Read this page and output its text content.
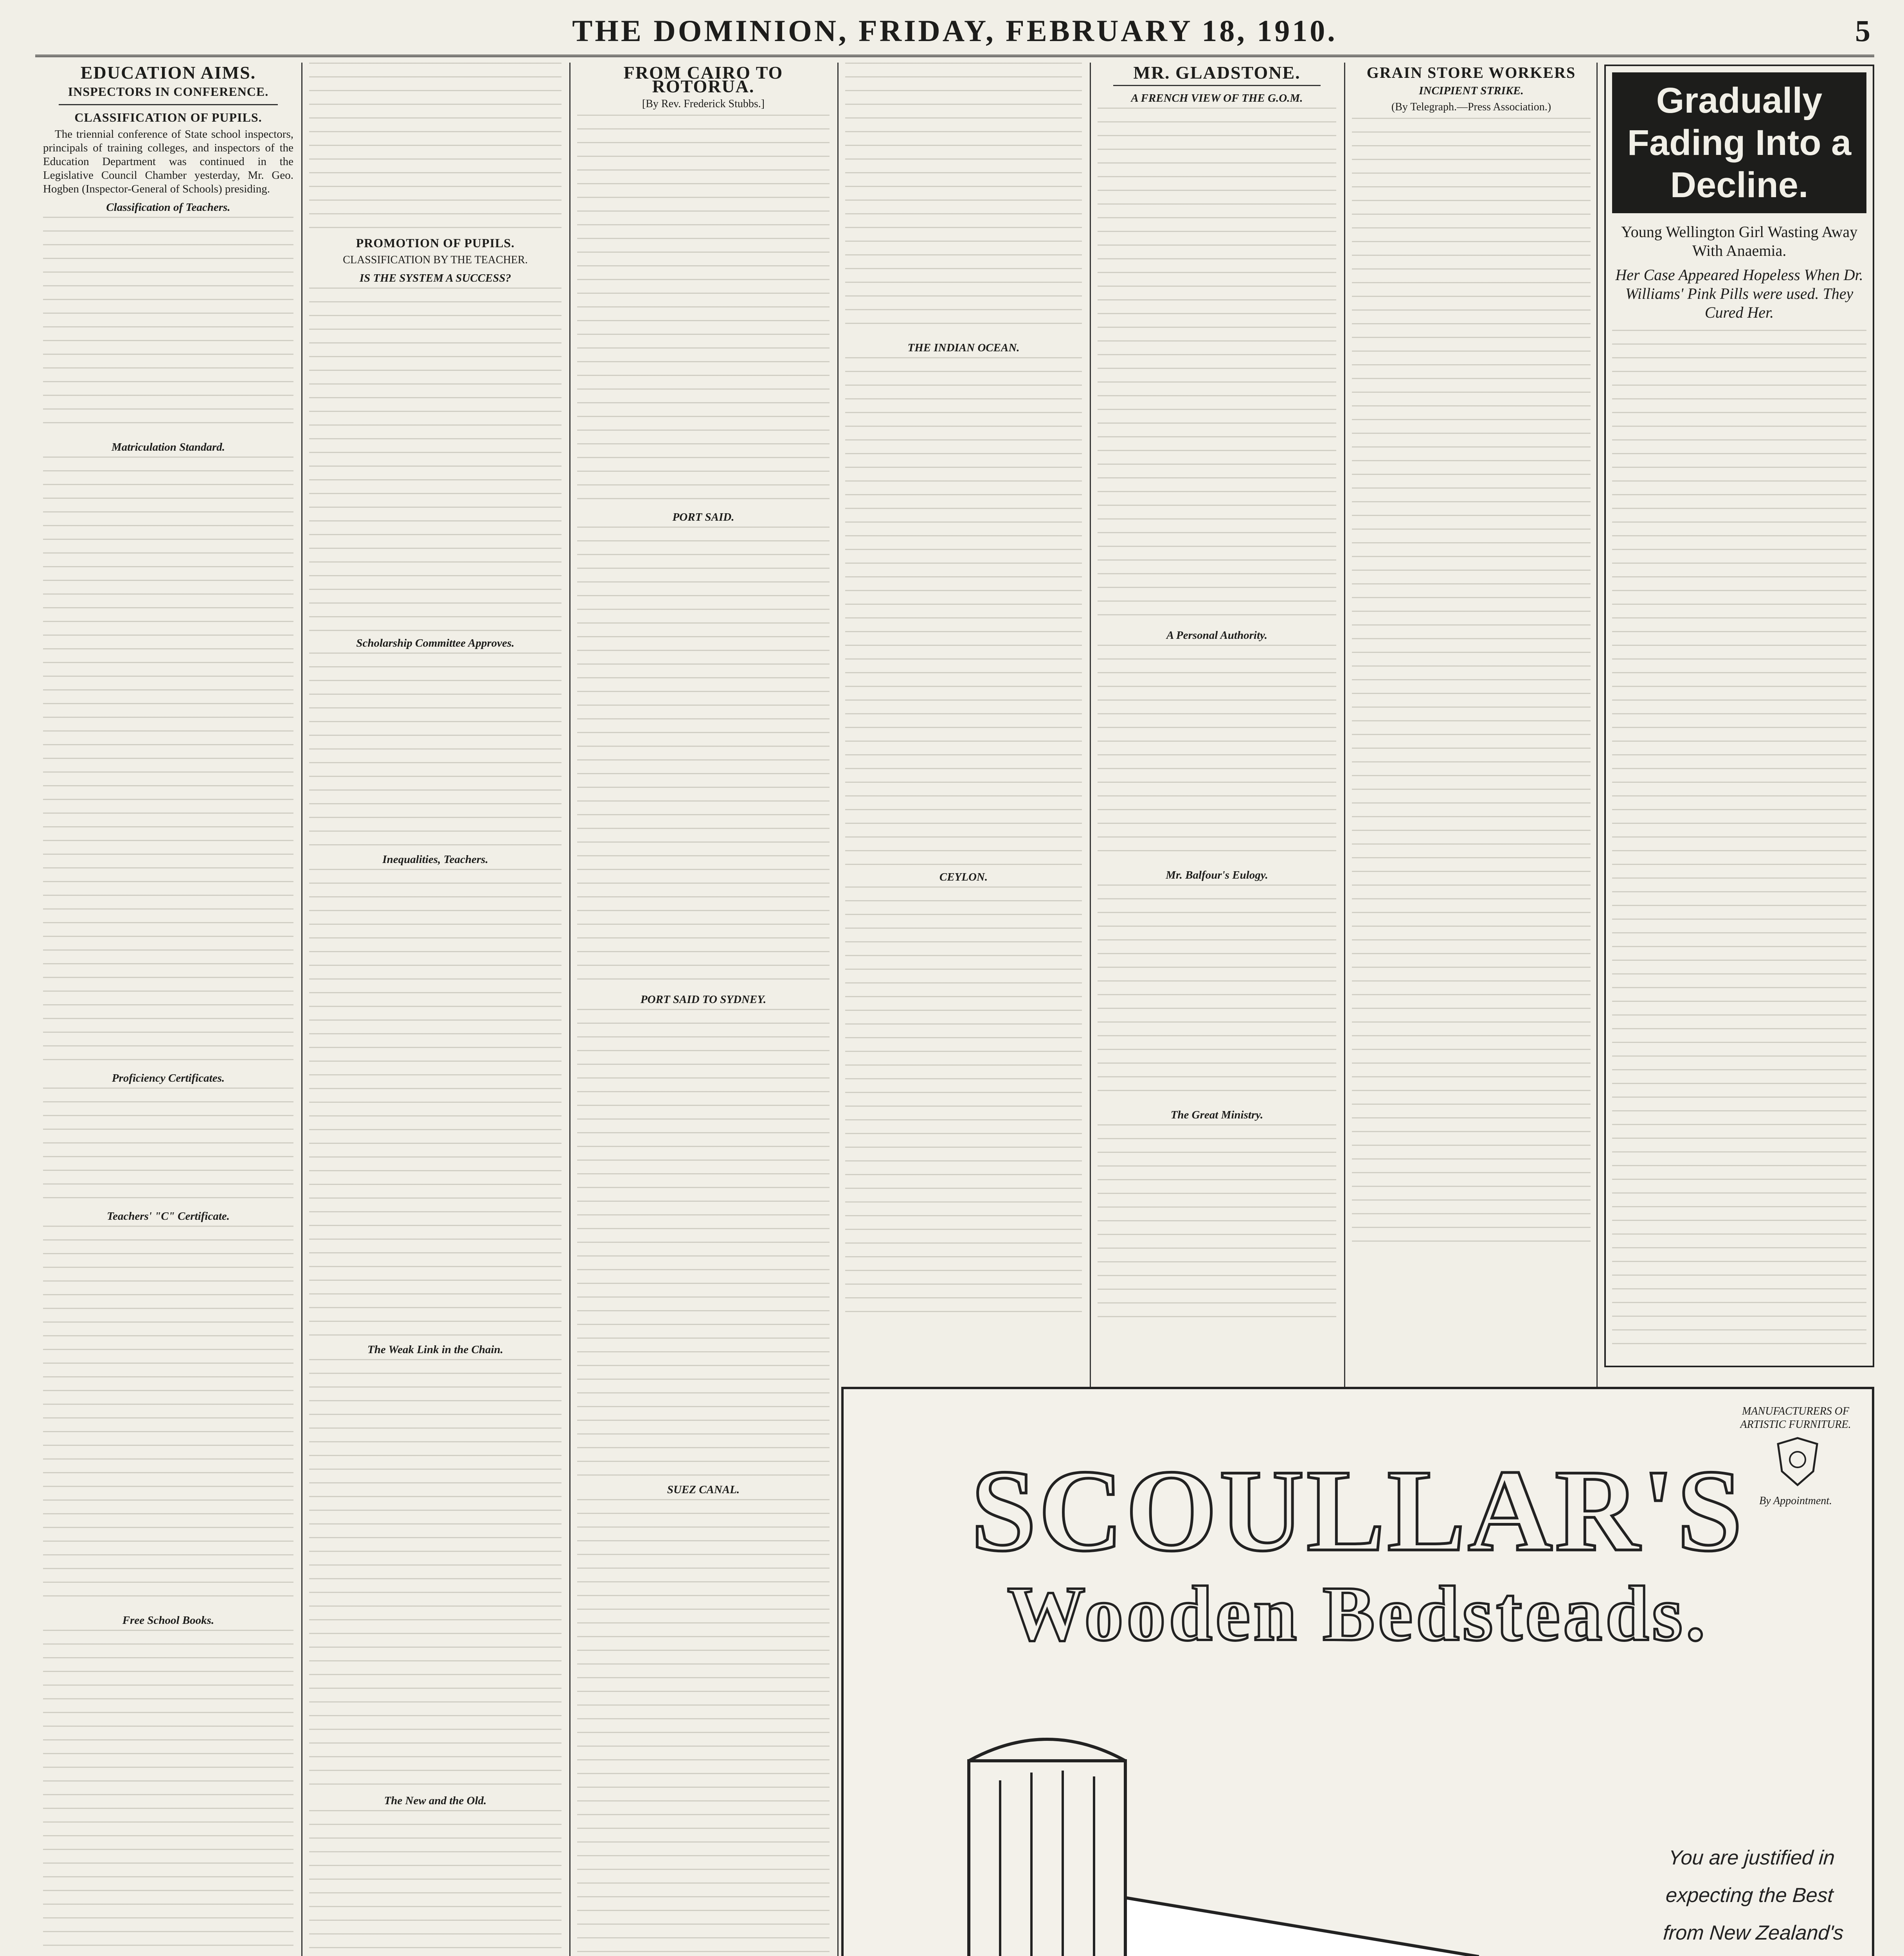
THE DOMINION, FRIDAY, FEBRUARY 18, 1910.	5
EDUCATION AIMS.
INSPECTORS IN CONFERENCE.
CLASSIFICATION OF PUPILS.

The triennial conference of State school inspectors, principals of training colleges, and inspectors of the Education Department was continued in the Legislative Council Chamber yesterday, Mr. Geo. Hogben (Inspector-General of Schools) presiding.

Classification of Teachers.
Matriculation Standard.
Proficiency Certificates.
Teachers' "C" Certificate.
Free School Books.
PROMOTION OF PUPILS.
CLASSIFICATION BY THE TEACHER.
IS THE SYSTEM A SUCCESS?
Scholarship Committee Approves.
Inequalities, Teachers.
The Weak Link in the Chain.
The New and the Old.
FROM CAIRO TO ROTORUA.
[By Rev. Frederick Stubbs.]
PORT SAID.
PORT SAID TO SYDNEY.
SUEZ CANAL.
THE INDIAN OCEAN.
CEYLON.
MR. GLADSTONE.
A FRENCH VIEW OF THE G.O.M.
A Personal Authority.
Mr. Balfour's Eulogy.
The Great Ministry.
GRAIN STORE WORKERS
INCIPIENT STRIKE.
(By Telegraph.—Press Association.)	Gradually Fading Into a Decline.
Young Wellington Girl Wasting Away With Anaemia.
Her Case Appeared Hopeless When Dr. Williams' Pink Pills were used. They Cured Her.
MANUFACTURERS OF ARTISTIC FURNITURE.
By Appointment.
SCOULLAR'S
Wooden Bedsteads.
You are justified in expecting the Best from New Zealand's
